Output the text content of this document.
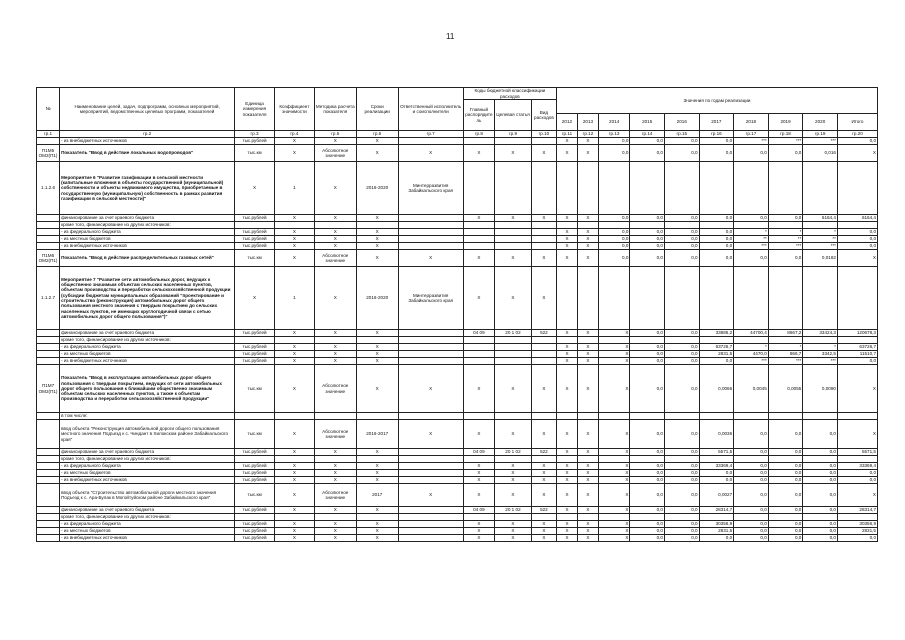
11
№	Наименование целей, задач, подпрограмм, основных мероприятий, мероприятий, ведомственных целевых программ, показателей	Единица измерения показателя	Коэффициент значимости	Методика расчета показателя	Сроки реализации	Ответственный исполнитель и соисполнители	Коды бюджетной классификации расходов			Значения по годам реализации									
							Главный распорядитель	Целевая статья	Вид расходов										
										2012	2013	2014	2015	2016	2017	2018	2019	2020	Итого
гр.1	гр.2	гр.3	гр.4	гр.5	гр.6	гр.7	гр.8	гр.9	гр.10	гр.11	гр.12	гр.13	гр.14	гр.15	гр.16	гр.17	гр.18	гр.19	гр.20
	- из внебюджетных источников	тыс.рублей	X	X	X					X	X	0,0	0,0	0,0	0,0	***	***	***	0,0
П1М5 ОМ2(П1)	Показатель "Ввод в действие локальных водопроводов"	тыс.км	X	Абсолютное значение	X	X	X	X	X	X	X	0,0	0,0	0,0	0,0	0,0	0,0	0,016	X
1.1.2.6	Мероприятие 6 "Развитие газификации в сельской местности (капитальные вложения в объекты государственной (муниципальной) собственности и объекты недвижимого имущества, приобретаемые в государственную (муниципальную) собственность в рамках развития газификации в сельской местности)"	X	1	X	2016-2020	Минтерразвития Забайкальского края													
	финансирование за счет краевого бюджета	тыс.рублей	X	X	X		X	X	X	X	X	0,0	0,0	0,0	0,0	0,0	0,0	6164,4	6164,4
	кроме того, финансирование из других источников:																		
	- из федерального бюджета	тыс.рублей	X	X	X					X	X	0,0	0,0	0,0	0,0	*	*	*	0,0
	- из местных бюджетов	тыс.рублей	X	X	X					X	X	0,0	0,0	0,0	0,0	**	**	**	0,0
	- из внебюджетных источников	тыс.рублей	X	X	X					X	X	0,0	0,0	0,0	0,0	***	***	***	0,0
П1М6 ОМ2(П1)	Показатель "Ввод в действие распределительных газовых сетей"	тыс.км	X	Абсолютное значение	X	X	X	X	X	X	X	0,0	0,0	0,0	0,0	0,0	0,0	0,0182	X
1.1.2.7	Мероприятие 7 "Развитие сети автомобильных дорог, ведущих к общественно значимым объектам сельских населенных пунктов, объектам производства и переработки сельскохозяйственной продукции (субсидии бюджетам муниципальных образований "проектирование и строительство (реконструкция) автомобильных дорог общего пользования местного значения с твердым покрытием до сельских населенных пунктов, не имеющих круглогодичной связи с сетью автомобильных дорог общего пользования")"	X	1	X	2016-2020	Минтерразвития Забайкальского края	X	X	X										
	финансирование за счет краевого бюджета	тыс.рублей	X	X	X		04 09	20 1 02	522	X	X	X	0,0	0,0	33886,2	44700,4	8667,2	33424,3	120678,3
	кроме того, финансирование из других источников:																		
	- из федерального бюджета	тыс.рублей	X	X	X					X	X	X	0,0	0,0	63726,7	*	*	*	63726,7
	- из местных бюджетов	тыс.рублей	X	X	X					X	X	X	0,0	0,0	2831,5	4470,0	866,7	3342,5	11510,7
	- из внебюджетных источников	тыс.рублей	X	X	X					X	X	X	0,0	0,0	0,0	***	***	***	0,0
П1М7 ОМ2(П1)	Показатель "Ввод в эксплуатацию автомобильных дорог общего пользования с твердым покрытием, ведущих от сети автомобильных дорог общего пользования к ближайшим общественно значимым объектам сельских населенных пунктов, а также к объектам производства и переработки сельскохозяйственной продукции"	тыс.км	X	Абсолютное значение	X	X	X	X	X	X	X	X	0,0	0,0	0,0066	0,0045	0,0055	0,0090	X
	в том числе:																		
	ввод объекта "Реконструкция автомобильной дороги общего пользования местного значения Подъезд к с. Чиндант в Хилокском районе Забайкальского края"	тыс.км	X	Абсолютное значение	2016-2017	X	X	X	X	X	X	X	0,0	0,0	0,0036	0,0	0,0	0,0	X
	финансирование за счет краевого бюджета	тыс.рублей	X	X	X		04 09	20 1 02	522	X	X	X	0,0	0,0	5571,5	0,0	0,0	0,0	5571,5
	кроме того, финансирование из других источников:																		
	- из федерального бюджета	тыс.рублей	X	X	X		X	X	X	X	X	X	0,0	0,0	33369,4	0,0	0,0	0,0	33369,4
	- из местных бюджетов	тыс.рублей	X	X	X		X	X	X	X	X	X	0,0	0,0	0,0	0,0	0,0	0,0	0,0
	- из внебюджетных источников	тыс.рублей	X	X	X		X	X	X	X	X	X	0,0	0,0	0,0	0,0	0,0	0,0	0,0
	ввод объекта "Строительство автомобильной дороги местного значения Подъезд к с. Ара-Булак в Могойтуйском районе Забайкальского края"	тыс.км	X	Абсолютное значение	2017	X	X	X	X	X	X	X	0,0	0,0	0,0027	0,0	0,0	0,0	X
	финансирование за счет краевого бюджета	тыс.рублей	X	X	X		04 09	20 1 02	522	X	X	X	0,0	0,0	28314,7	0,0	0,0	0,0	28314,7
	кроме того, финансирование из других источников:																		
	- из федерального бюджета	тыс.рублей	X	X	X		X	X	X	X	X	X	0,0	0,0	30356,9	0,0	0,0	0,0	30356,9
	- из местных бюджетов	тыс.рублей	X	X	X		X	X	X	X	X	X	0,0	0,0	2831,5	0,0	0,0	0,0	2831,5
	- из внебюджетных источников	тыс.рублей	X	X	X		X	X	X	X	X	X	0,0	0,0	0,0	0,0	0,0	0,0	0,0
